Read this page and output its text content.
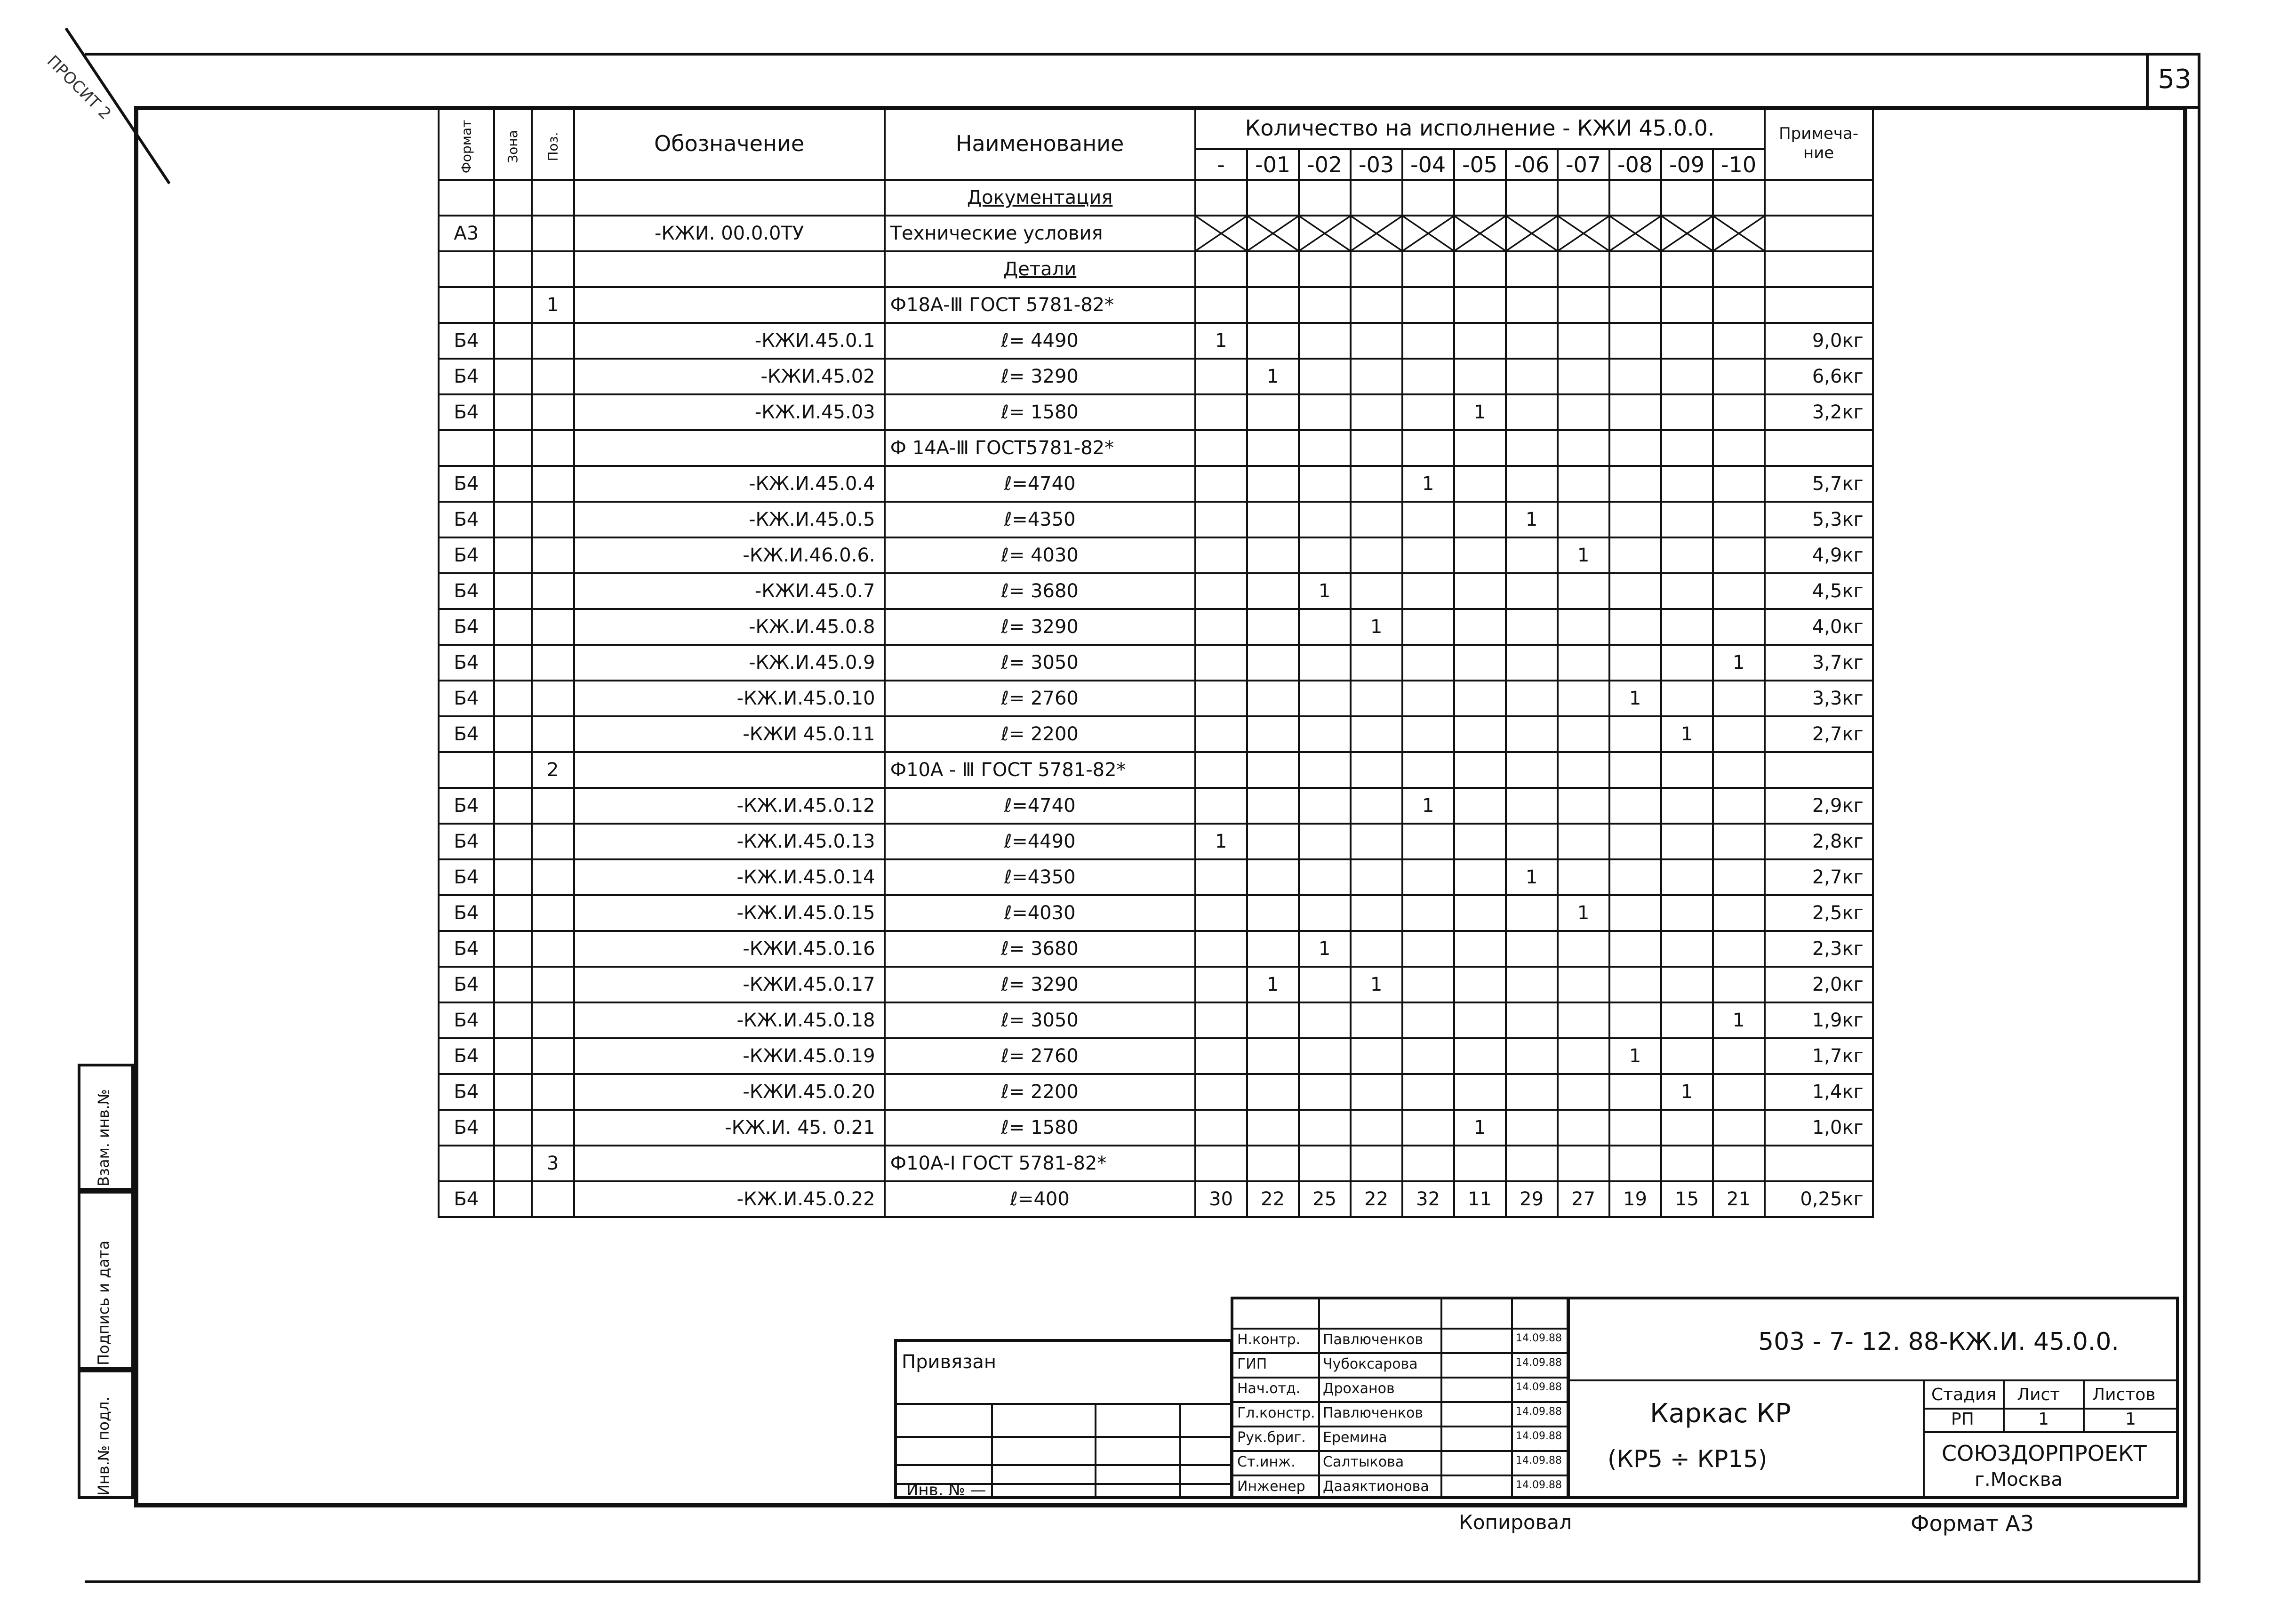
53
ПРОСИТ 2
Взам. инв.№
Подпись и дата
Инв.№ подл.
Формат	Зона	Поз.	Обозначение	Наименование	Количество на исполнение - КЖИ 45.0.0.											Примеча-ние
					-	-01	-02	-03	-04	-05	-06	-07	-08	-09	-10	
				Документация												
А3			-КЖИ. 00.0.0ТУ	Технические условия	

				Детали												
		1		Ф18А-Ⅲ ГОСТ 5781-82*												
Б4			-КЖИ.45.0.1	ℓ= 4490	1											9,0кг
Б4			-КЖИ.45.02	ℓ= 3290		1										6,6кг
Б4			-КЖ.И.45.03	ℓ= 1580						1						3,2кг
				Ф 14А-Ⅲ ГОСТ5781-82*												
Б4			-КЖ.И.45.0.4	ℓ=4740					1							5,7кг
Б4			-КЖ.И.45.0.5	ℓ=4350							1					5,3кг
Б4			-КЖ.И.46.0.6.	ℓ= 4030								1				4,9кг
Б4			-КЖИ.45.0.7	ℓ= 3680			1									4,5кг
Б4			-КЖ.И.45.0.8	ℓ= 3290				1								4,0кг
Б4			-КЖ.И.45.0.9	ℓ= 3050											1	3,7кг
Б4			-КЖ.И.45.0.10	ℓ= 2760									1			3,3кг
Б4			-КЖИ 45.0.11	ℓ= 2200										1		2,7кг
		2		Ф10А - Ⅲ ГОСТ 5781-82*												
Б4			-КЖ.И.45.0.12	ℓ=4740					1							2,9кг
Б4			-КЖ.И.45.0.13	ℓ=4490	1											2,8кг
Б4			-КЖ.И.45.0.14	ℓ=4350							1					2,7кг
Б4			-КЖ.И.45.0.15	ℓ=4030								1				2,5кг
Б4			-КЖИ.45.0.16	ℓ= 3680			1									2,3кг
Б4			-КЖИ.45.0.17	ℓ= 3290		1		1								2,0кг
Б4			-КЖ.И.45.0.18	ℓ= 3050											1	1,9кг
Б4			-КЖИ.45.0.19	ℓ= 2760									1			1,7кг
Б4			-КЖИ.45.0.20	ℓ= 2200										1		1,4кг
Б4			-КЖ.И. 45. 0.21	ℓ= 1580						1						1,0кг
		3		Ф10А-Ⅰ ГОСТ 5781-82*												
Б4			-КЖ.И.45.0.22	ℓ=400	30	22	25	22	32	11	29	27	19	15	21	0,25кг
Привязан
Инв. № —
Н.контр. Павлюченков	14.09.88
ГИП	Чубоксарова	14.09.88
Нач.отд. Дроханов	14.09.88
Гл.констр. Павлюченков	14.09.88
Рук.бриг. Еремина	14.09.88
Ст.инж. Салтыкова	14.09.88
Инженер Дааяктионова	14.09.88
503 - 7- 12. 88-КЖ.И. 45.0.0.
Каркас КР
(КР5 ÷ КР15)
Стадия Лист Листов
РП	1	1
СОЮЗДОРПРОЕКТ
г.Москва
Копировал	Формат А3
